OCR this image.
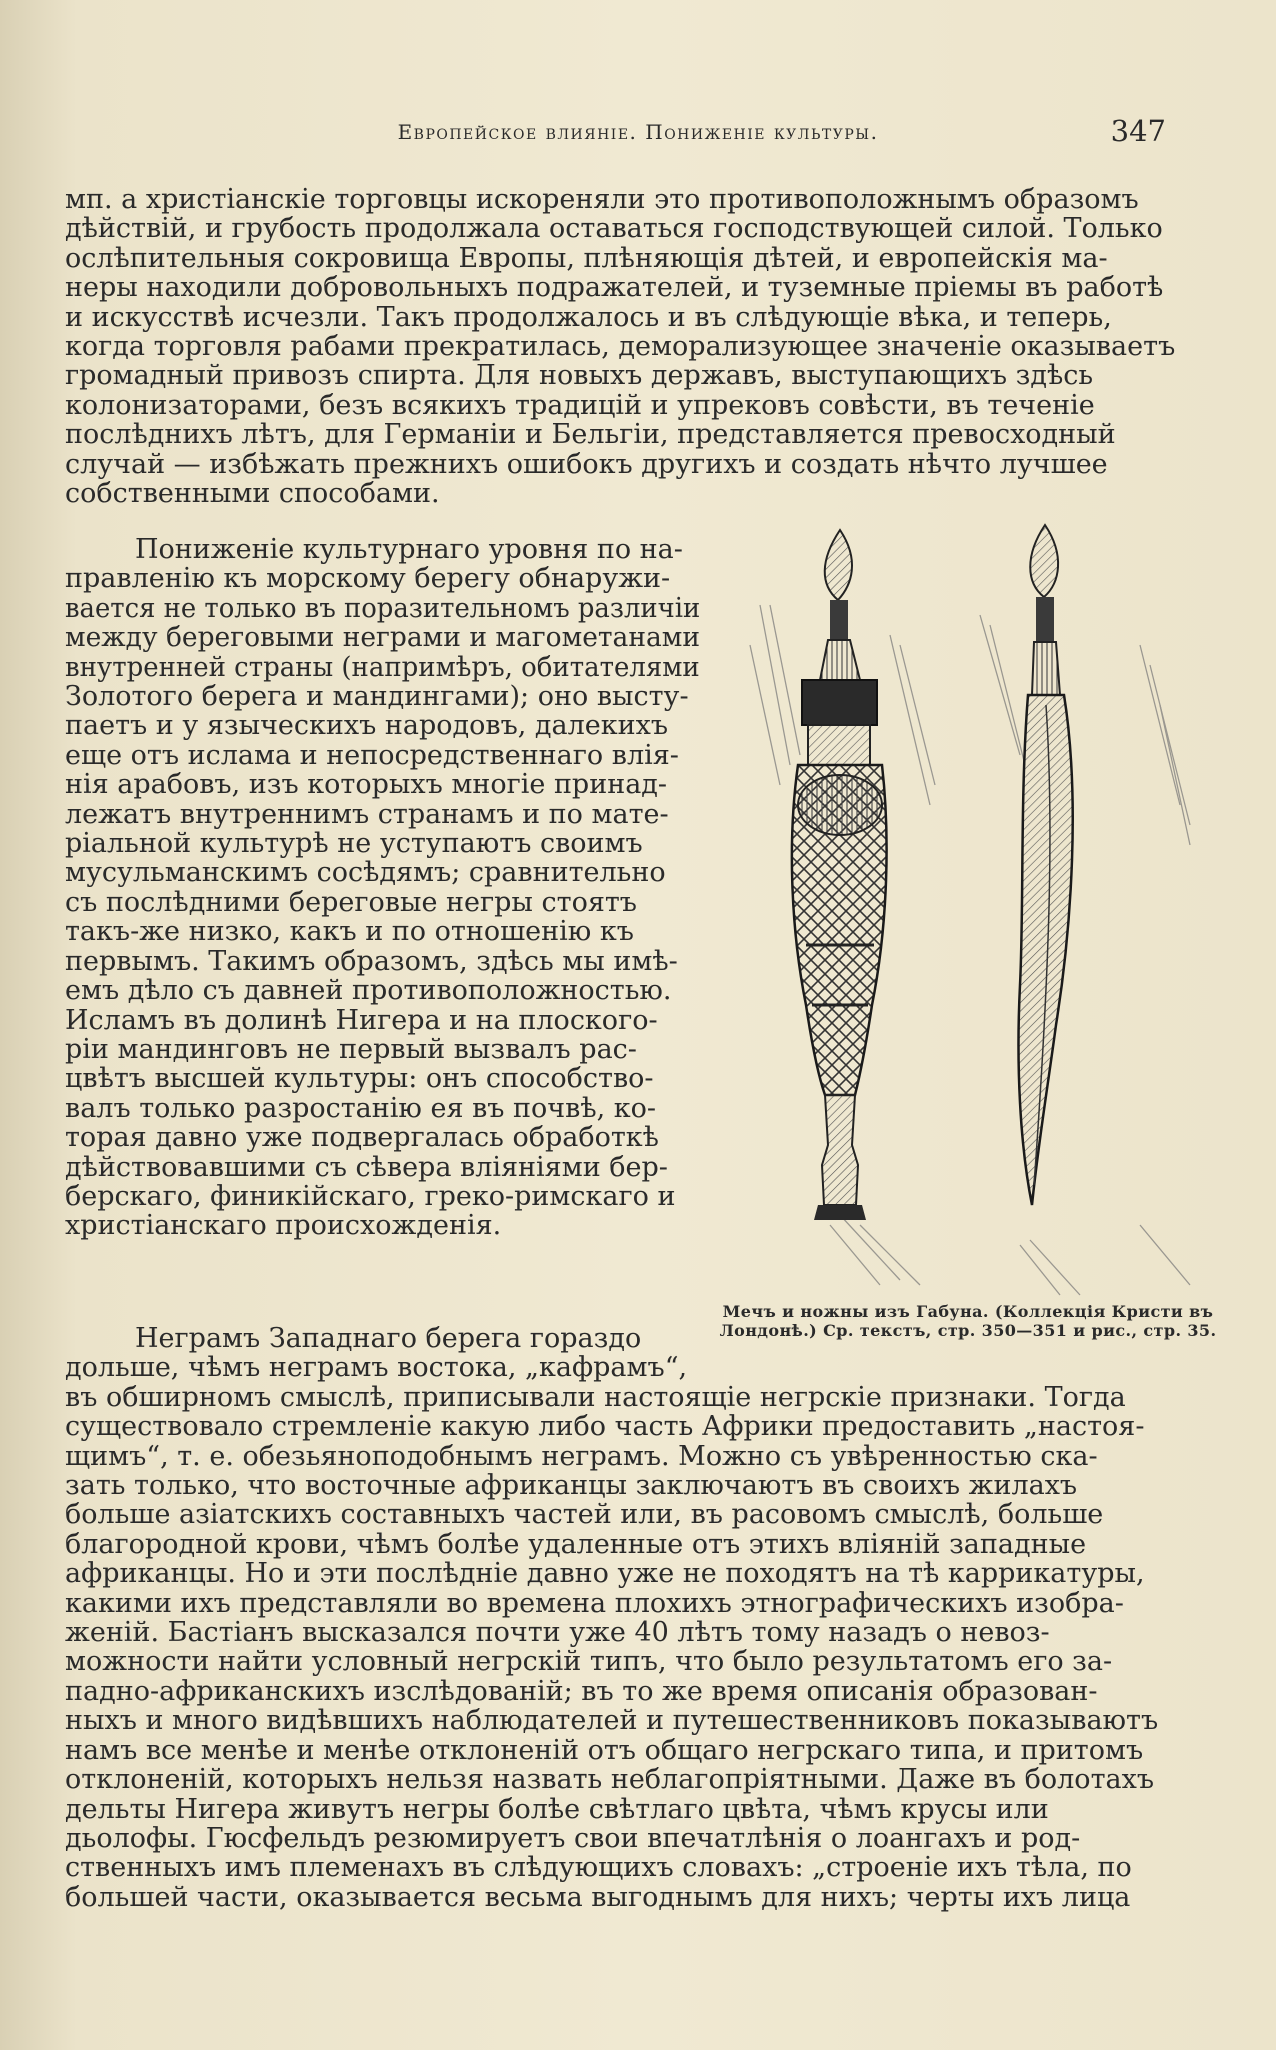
Европейское влияніе. Пониженіе культуры.	347
мп. а христіанскіе торговцы искореняли это противоположнымъ образомъ
дѣйствій, и грубость продолжала оставаться господствующей силой. Только
ослѣпительныя сокровища Европы, плѣняющія дѣтей, и европейскія ма-
неры находили добровольныхъ подражателей, и туземные пріемы въ работѣ
и искусствѣ исчезли. Такъ продолжалось и въ слѣдующіе вѣка, и теперь,
когда торговля рабами прекратилась, деморализующее значеніе оказываетъ
громадный привозъ спирта. Для новыхъ державъ, выступающихъ здѣсь
колонизаторами, безъ всякихъ традицій и упрековъ совѣсти, въ теченіе
послѣднихъ лѣтъ, для Германіи и Бельгіи, представляется превосходный
случай — избѣжать прежнихъ ошибокъ другихъ и создать нѣчто лучшее
собственными способами.
Пониженіе культурнаго уровня по на-
правленію къ морскому берегу обнаружи-
вается не только въ поразительномъ различіи
между береговыми неграми и магометанами
внутренней страны (напримѣръ, обитателями
Золотого берега и мандингами); оно высту-
паетъ и у языческихъ народовъ, далекихъ
еще отъ ислама и непосредственнаго влія-
нія арабовъ, изъ которыхъ многіе принад-
лежатъ внутреннимъ странамъ и по мате-
ріальной культурѣ не уступаютъ своимъ
мусульманскимъ сосѣдямъ; сравнительно
съ послѣдними береговые негры стоятъ
такъ-же низко, какъ и по отношенію къ
первымъ. Такимъ образомъ, здѣсь мы имѣ-
емъ дѣло съ давней противоположностью.
Исламъ въ долинѣ Нигера и на плоского-
ріи мандинговъ не первый вызвалъ рас-
цвѣтъ высшей культуры: онъ способство-
валъ только разростанію ея въ почвѣ, ко-
торая давно уже подвергалась обработкѣ
дѣйствовавшими съ сѣвера вліяніями бер-
берскаго, финикійскаго, греко-римскаго и
христіанскаго происхожденія.
Мечъ и ножны изъ Габуна. (Коллекція Кристи въ Лондонѣ.) Ср. текстъ, стр. 350—351 и рис., стр. 35.
Неграмъ Западнаго берега гораздо
дольше, чѣмъ неграмъ востока, „кафрамъ“,
въ обширномъ смыслѣ, приписывали настоящіе негрскіе признаки. Тогда
существовало стремленіе какую либо часть Африки предоставить „настоя-
щимъ“, т. е. обезьяноподобнымъ неграмъ. Можно съ увѣренностью ска-
зать только, что восточные африканцы заключаютъ въ своихъ жилахъ
больше азіатскихъ составныхъ частей или, въ расовомъ смыслѣ, больше
благородной крови, чѣмъ болѣе удаленные отъ этихъ вліяній западные
африканцы. Но и эти послѣдніе давно уже не походятъ на тѣ каррикатуры,
какими ихъ представляли во времена плохихъ этнографическихъ изобра-
женій. Бастіанъ высказался почти уже 40 лѣтъ тому назадъ о невоз-
можности найти условный негрскій типъ, что было результатомъ его за-
падно-африканскихъ изслѣдованій; въ то же время описанія образован-
ныхъ и много видѣвшихъ наблюдателей и путешественниковъ показываютъ
намъ все менѣе и менѣе отклоненій отъ общаго негрскаго типа, и притомъ
отклоненій, которыхъ нельзя назвать неблагопріятными. Даже въ болотахъ
дельты Нигера живутъ негры болѣе свѣтлаго цвѣта, чѣмъ крусы или
дьолофы. Гюсфельдъ резюмируетъ свои впечатлѣнія о лоангахъ и род-
ственныхъ имъ племенахъ въ слѣдующихъ словахъ: „строеніе ихъ тѣла, по
большей части, оказывается весьма выгоднымъ для нихъ; черты ихъ лица
